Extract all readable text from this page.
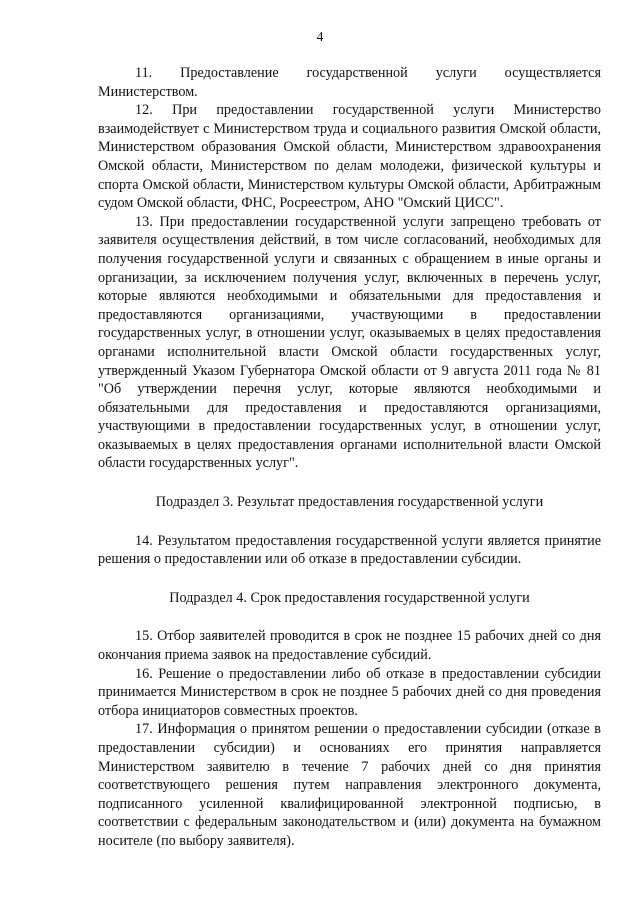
4

11. Предоставление государственной услуги осуществляется Министерством.

12. При предоставлении государственной услуги Министерство взаимодействует с Министерством труда и социального развития Омской области, Министерством образования Омской области, Министерством здравоохранения Омской области, Министерством по делам молодежи, физической культуры и спорта Омской области, Министерством культуры Омской области, Арбитражным судом Омской области, ФНС, Росреестром, АНО "Омский ЦИСС".

13. При предоставлении государственной услуги запрещено требовать от заявителя осуществления действий, в том числе согласований, необходимых для получения государственной услуги и связанных с обращением в иные органы и организации, за исключением получения услуг, включенных в перечень услуг, которые являются необходимыми и обязательными для предоставления и предоставляются организациями, участвующими в предоставлении государственных услуг, в отношении услуг, оказываемых в целях предоставления органами исполнительной власти Омской области государственных услуг, утвержденный Указом Губернатора Омской области от 9 августа 2011 года № 81 "Об утверждении перечня услуг, которые являются необходимыми и обязательными для предоставления и предоставляются организациями, участвующими в предоставлении государственных услуг, в отношении услуг, оказываемых в целях предоставления органами исполнительной власти Омской области государственных услуг".

Подраздел 3. Результат предоставления государственной услуги

14. Результатом предоставления государственной услуги является принятие решения о предоставлении или об отказе в предоставлении субсидии.

Подраздел 4. Срок предоставления государственной услуги

15. Отбор заявителей проводится в срок не позднее 15 рабочих дней со дня окончания приема заявок на предоставление субсидий.

16. Решение о предоставлении либо об отказе в предоставлении субсидии принимается Министерством в срок не позднее 5 рабочих дней со дня проведения отбора инициаторов совместных проектов.

17. Информация о принятом решении о предоставлении субсидии (отказе в предоставлении субсидии) и основаниях его принятия направляется Министерством заявителю в течение 7 рабочих дней со дня принятия соответствующего решения путем направления электронного документа, подписанного усиленной квалифицированной электронной подписью, в соответствии с федеральным законодательством и (или) документа на бумажном носителе (по выбору заявителя).
